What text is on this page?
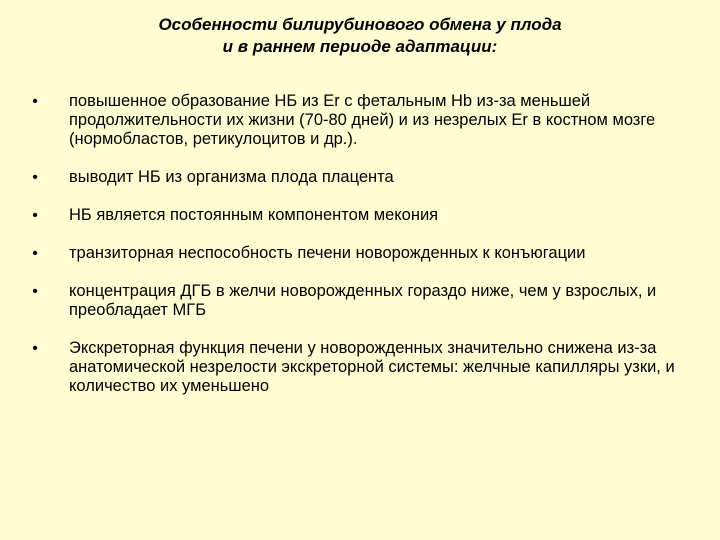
Особенности билирубинового обмена у плода
и в раннем периоде адаптации:
• повышенное образование НБ из Er с фетальным Hb из-за меньшей продолжительности их жизни (70-80 дней) и из незрелых Er в костном мозге (нормобластов, ретикулоцитов и др.).
• выводит НБ из организма плода плацента
• НБ является постоянным компонентом мекония
• транзиторная неспособность печени новорожденных к конъюгации
• концентрация ДГБ в желчи новорожденных гораздо ниже, чем у взрослых, и преобладает МГБ
• Экскреторная функция печени у новорожденных значительно снижена из-за анатомической незрелости экскреторной системы: желчные капилляры узки, и количество их уменьшено
